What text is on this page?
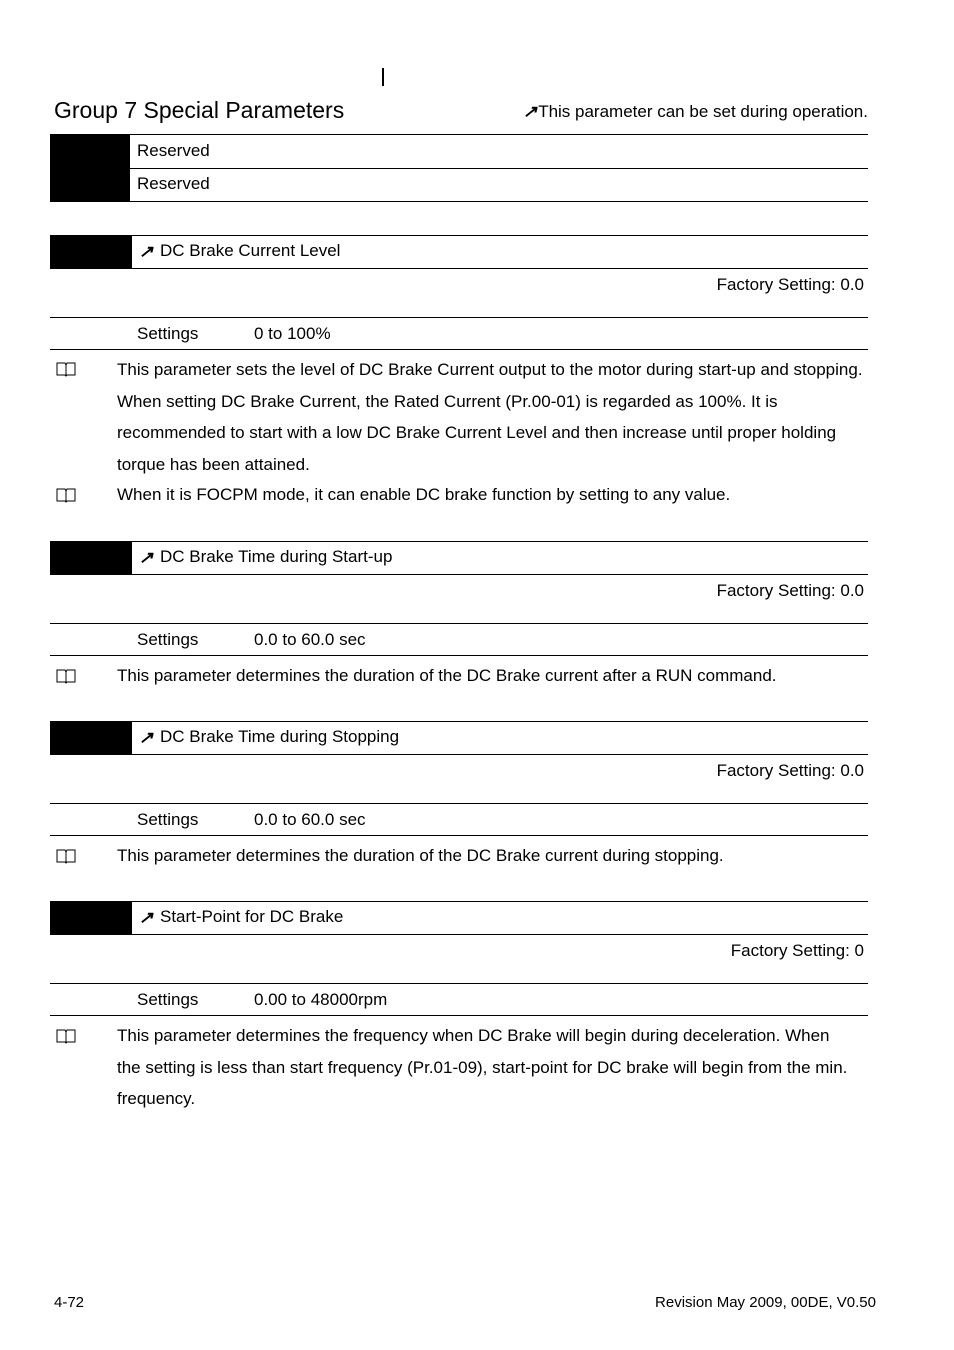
Group 7 Special Parameters	↗This parameter can be set during operation.
Reserved
Reserved
↗ DC Brake Current Level
Factory Setting: 0.0
Settings	0 to 100%
This parameter sets the level of DC Brake Current output to the motor during start-up and stopping. When setting DC Brake Current, the Rated Current (Pr.00-01) is regarded as 100%. It is recommended to start with a low DC Brake Current Level and then increase until proper holding torque has been attained.
When it is FOCPM mode, it can enable DC brake function by setting to any value.
↗ DC Brake Time during Start-up
Factory Setting: 0.0
Settings	0.0 to 60.0 sec
This parameter determines the duration of the DC Brake current after a RUN command.
↗ DC Brake Time during Stopping
Factory Setting: 0.0
Settings	0.0 to 60.0 sec
This parameter determines the duration of the DC Brake current during stopping.
↗ Start-Point for DC Brake
Factory Setting: 0
Settings	0.00 to 48000rpm
This parameter determines the frequency when DC Brake will begin during deceleration. When the setting is less than start frequency (Pr.01-09), start-point for DC brake will begin from the min. frequency.
4-72	Revision May 2009, 00DE, V0.50
